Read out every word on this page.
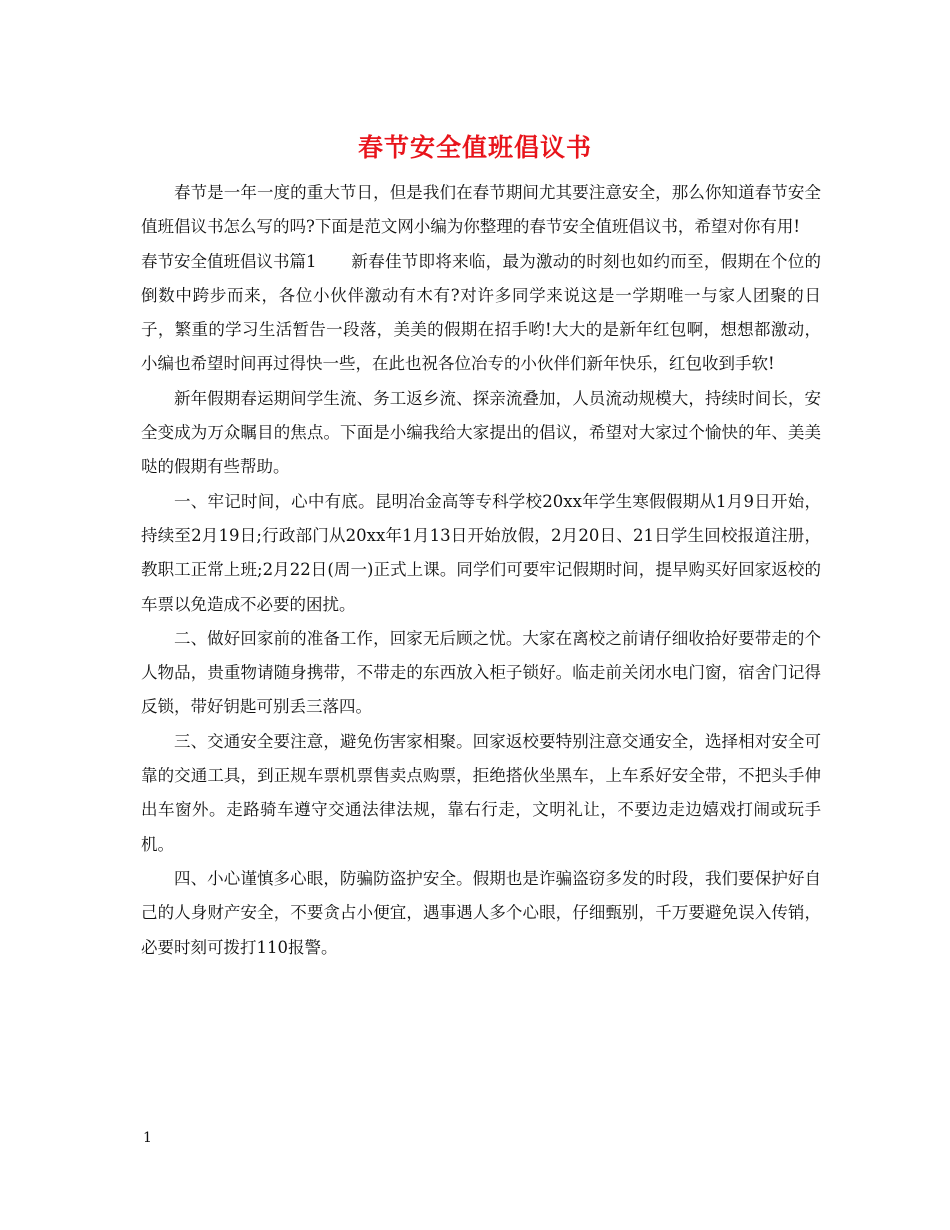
春节安全值班倡议书

春节是一年一度的重大节日，但是我们在春节期间尤其要注意安全，那么你知道春节安全值班倡议书怎么写的吗?下面是范文网小编为你整理的春节安全值班倡议书，希望对你有用!

春节安全值班倡议书篇1 新春佳节即将来临，最为激动的时刻也如约而至，假期在个位的倒数中跨步而来，各位小伙伴激动有木有?对许多同学来说这是一学期唯一与家人团聚的日子，繁重的学习生活暂告一段落，美美的假期在招手哟!大大的是新年红包啊，想想都激动，小编也希望时间再过得快一些，在此也祝各位冶专的小伙伴们新年快乐，红包收到手软!

新年假期春运期间学生流、务工返乡流、探亲流叠加，人员流动规模大，持续时间长，安全变成为万众瞩目的焦点。下面是小编我给大家提出的倡议，希望对大家过个愉快的年、美美哒的假期有些帮助。

一、牢记时间，心中有底。昆明冶金高等专科学校20xx年学生寒假假期从1月9日开始，持续至2月19日;行政部门从20xx年1月13日开始放假，2月20日、21日学生回校报道注册，教职工正常上班;2月22日(周一)正式上课。同学们可要牢记假期时间，提早购买好回家返校的车票以免造成不必要的困扰。

二、做好回家前的准备工作，回家无后顾之忧。大家在离校之前请仔细收拾好要带走的个人物品，贵重物请随身携带，不带走的东西放入柜子锁好。临走前关闭水电门窗，宿舍门记得反锁，带好钥匙可别丢三落四。

三、交通安全要注意，避免伤害家相聚。回家返校要特别注意交通安全，选择相对安全可靠的交通工具，到正规车票机票售卖点购票，拒绝搭伙坐黑车，上车系好安全带，不把头手伸出车窗外。走路骑车遵守交通法律法规，靠右行走，文明礼让，不要边走边嬉戏打闹或玩手机。

四、小心谨慎多心眼，防骗防盗护安全。假期也是诈骗盗窃多发的时段，我们要保护好自己的人身财产安全，不要贪占小便宜，遇事遇人多个心眼，仔细甄别，千万要避免误入传销，必要时刻可拨打110报警。

1
